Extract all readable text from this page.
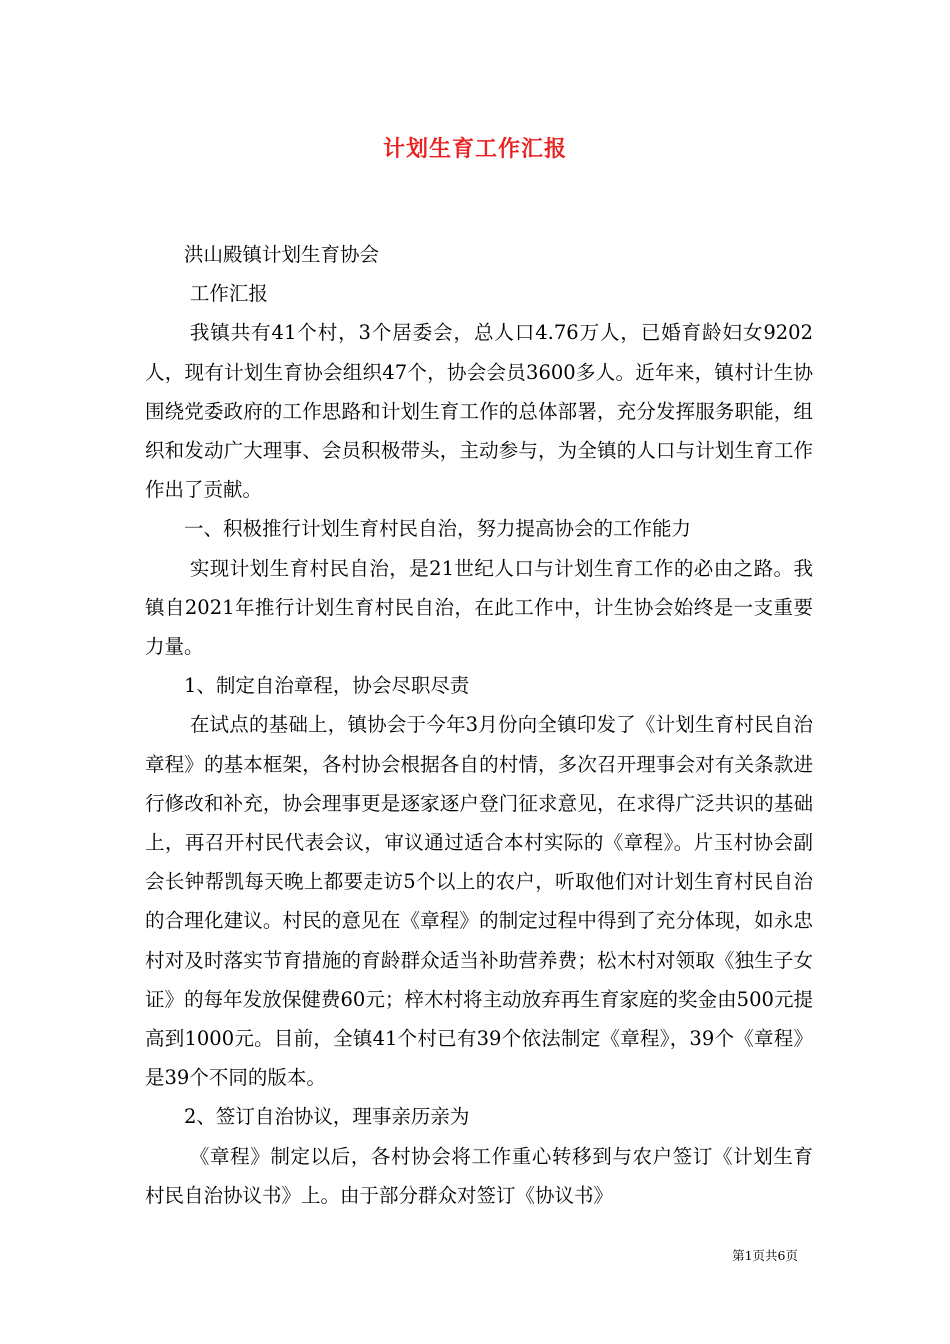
计划生育工作汇报

洪山殿镇计划生育协会

工作汇报

我镇共有41个村，3个居委会，总人口4.76万人，已婚育龄妇女9202人，现有计划生育协会组织47个，协会会员3600多人。近年来，镇村计生协围绕党委政府的工作思路和计划生育工作的总体部署，充分发挥服务职能，组织和发动广大理事、会员积极带头，主动参与，为全镇的人口与计划生育工作作出了贡献。

一、积极推行计划生育村民自治，努力提高协会的工作能力

实现计划生育村民自治，是21世纪人口与计划生育工作的必由之路。我镇自2021年推行计划生育村民自治，在此工作中，计生协会始终是一支重要力量。

1、制定自治章程，协会尽职尽责

在试点的基础上，镇协会于今年3月份向全镇印发了《计划生育村民自治章程》的基本框架，各村协会根据各自的村情，多次召开理事会对有关条款进行修改和补充，协会理事更是逐家逐户登门征求意见，在求得广泛共识的基础上，再召开村民代表会议，审议通过适合本村实际的《章程》。片玉村协会副会长钟帮凯每天晚上都要走访5个以上的农户，听取他们对计划生育村民自治的合理化建议。村民的意见在《章程》的制定过程中得到了充分体现，如永忠村对及时落实节育措施的育龄群众适当补助营养费；松木村对领取《独生子女证》的每年发放保健费60元；梓木村将主动放弃再生育家庭的奖金由500元提高到1000元。目前，全镇41个村已有39个依法制定《章程》，39个《章程》是39个不同的版本。

2、签订自治协议，理事亲历亲为

《章程》制定以后，各村协会将工作重心转移到与农户签订《计划生育村民自治协议书》上。由于部分群众对签订《协议书》

第1页共6页
